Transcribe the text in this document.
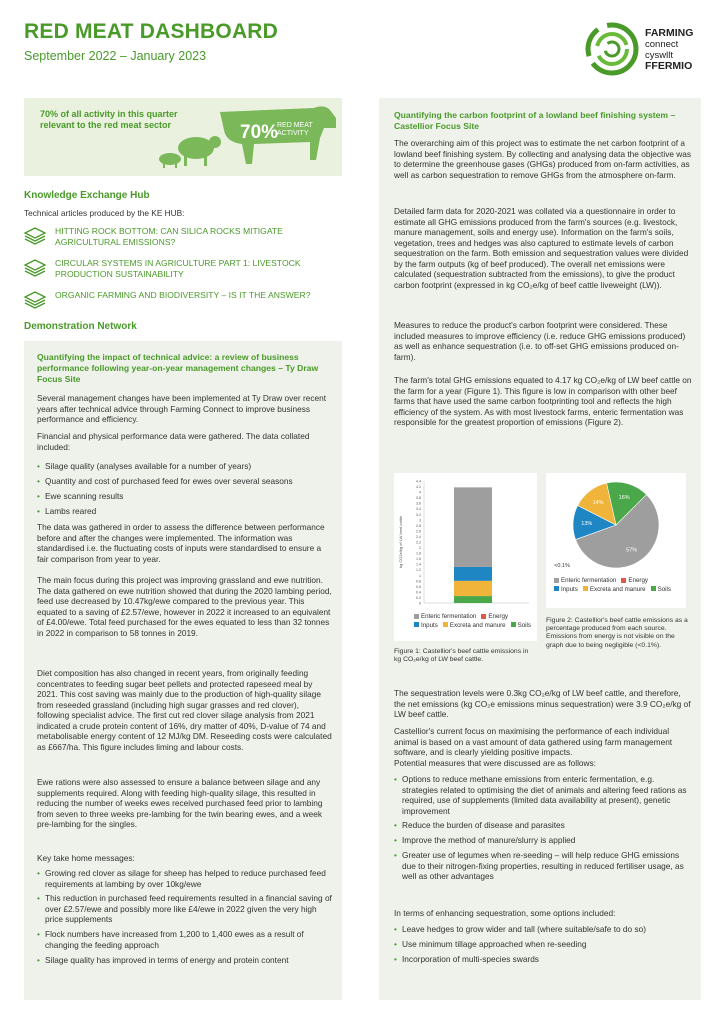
RED MEAT DASHBOARD
September 2022 – January 2023
FARMING
connect
cyswllt
FFERMIO
70% of all activity in this quarter relevant to the red meat sector	70%
RED MEAT
ACTIVITY
Knowledge Exchange Hub
Technical articles produced by the KE HUB:
HITTING ROCK BOTTOM: CAN SILICA ROCKS MITIGATE AGRICULTURAL EMISSIONS?
CIRCULAR SYSTEMS IN AGRICULTURE PART 1: LIVESTOCK PRODUCTION SUSTAINABILITY
ORGANIC FARMING AND BIODIVERSITY – IS IT THE ANSWER?
Demonstration Network
Quantifying the impact of technical advice: a review of business performance following year-on-year management changes – Ty Draw Focus Site
Several management changes have been implemented at Ty Draw over recent years after technical advice through Farming Connect to improve business performance and efficiency.
Financial and physical performance data were gathered. The data collated included:
• Silage quality (analyses available for a number of years)
• Quantity and cost of purchased feed for ewes over several seasons
• Ewe scanning results
• Lambs reared
The data was gathered in order to assess the difference between performance before and after the changes were implemented. The information was standardised i.e. the fluctuating costs of inputs were standardised to ensure a fair comparison from year to year.
The main focus during this project was improving grassland and ewe nutrition. The data gathered on ewe nutrition showed that during the 2020 lambing period, feed use decreased by 10.47kg/ewe compared to the previous year. This equated to a saving of £2.57/ewe, however in 2022 it increased to an equivalent of £4.00/ewe. Total feed purchased for the ewes equated to less than 32 tonnes in 2022 in comparison to 58 tonnes in 2019.
Diet composition has also changed in recent years, from originally feeding concentrates to feeding sugar beet pellets and protected rapeseed meal by 2021. This cost saving was mainly due to the production of high-quality silage from reseeded grassland (including high sugar grasses and red clover), following specialist advice. The first cut red clover silage analysis from 2021 indicated a crude protein content of 16%, dry matter of 40%, D-value of 74 and metabolisable energy content of 12 MJ/kg DM. Reseeding costs were calculated as £667/ha. This figure includes liming and labour costs.
Ewe rations were also assessed to ensure a balance between silage and any supplements required. Along with feeding high-quality silage, this resulted in reducing the number of weeks ewes received purchased feed prior to lambing from seven to three weeks pre-lambing for the twin bearing ewes, and a week pre-lambing for the singles.
Key take home messages:
• Growing red clover as silage for sheep has helped to reduce purchased feed requirements at lambing by over 10kg/ewe
• This reduction in purchased feed requirements resulted in a financial saving of over £2.57/ewe and possibly more like £4/ewe in 2022 given the very high price supplements
• Flock numbers have increased from 1,200 to 1,400 ewes as a result of changing the feeding approach
• Silage quality has improved in terms of energy and protein content
Quantifying the carbon footprint of a lowland beef finishing system – Castellior Focus Site
The overarching aim of this project was to estimate the net carbon footprint of a lowland beef finishing system. By collecting and analysing data the objective was to determine the greenhouse gases (GHGs) produced from on-farm activities, as well as carbon sequestration to remove GHGs from the atmosphere on-farm.
Detailed farm data for 2020-2021 was collated via a questionnaire in order to estimate all GHG emissions produced from the farm's sources (e.g. livestock, manure management, soils and energy use). Information on the farm's soils, vegetation, trees and hedges was also captured to estimate levels of carbon sequestration on the farm. Both emission and sequestration values were divided by the farm outputs (kg of beef produced). The overall net emissions were calculated (sequestration subtracted from the emissions), to give the product carbon footprint (expressed in kg CO₂e/kg of beef cattle liveweight (LW)).
Measures to reduce the product's carbon footprint were considered. These included measures to improve efficiency (i.e. reduce GHG emissions produced) as well as enhance sequestration (i.e. to off-set GHG emissions produced on-farm).
The farm's total GHG emissions equated to 4.17 kg CO₂e/kg of LW beef cattle on the farm for a year (Figure 1). This figure is low in comparison with other beef farms that have used the same carbon footprinting tool and reflects the high efficiency of the system. As with most livestock farms, enteric fermentation was responsible for the greatest proportion of emissions (Figure 2).
0
0.2
0.4
0.6
0.8
1
1.2
1.4
1.6
1.8
2
2.2
2.4
2.6
2.8
3
3.2
3.4
3.6
3.8
4
4.2
4.4
kg CO2e/kg of LW beef cattle
Enteric fermentation Energy
Inputs Excreta and manure Soils
Figure 1: Castellior's beef cattle emissions in kg CO₂e/kg of LW beef cattle.
57%
13%
14%
16%
<0.1%
Enteric fermentation Energy
Inputs Excreta and manure Soils
Figure 2: Castellior's beef cattle emissions as a percentage produced from each source. Emissions from energy is not visible on the graph due to being negligible (<0.1%).
The sequestration levels were 0.3kg CO₂e/kg of LW beef cattle, and therefore, the net emissions (kg CO₂e emissions minus sequestration) were 3.9 CO₂e/kg of LW beef cattle.
Castellior's current focus on maximising the performance of each individual animal is based on a vast amount of data gathered using farm management software, and is clearly yielding positive impacts.
Potential measures that were discussed are as follows:
• Options to reduce methane emissions from enteric fermentation, e.g. strategies related to optimising the diet of animals and altering feed rations as required, use of supplements (limited data availability at present), genetic improvement
• Reduce the burden of disease and parasites
• Improve the method of manure/slurry is applied
• Greater use of legumes when re-seeding – will help reduce GHG emissions due to their nitrogen-fixing properties, resulting in reduced fertiliser usage, as well as other advantages
In terms of enhancing sequestration, some options included:
• Leave hedges to grow wider and tall (where suitable/safe to do so)
• Use minimum tillage approached when re-seeding
• Incorporation of multi-species swards
